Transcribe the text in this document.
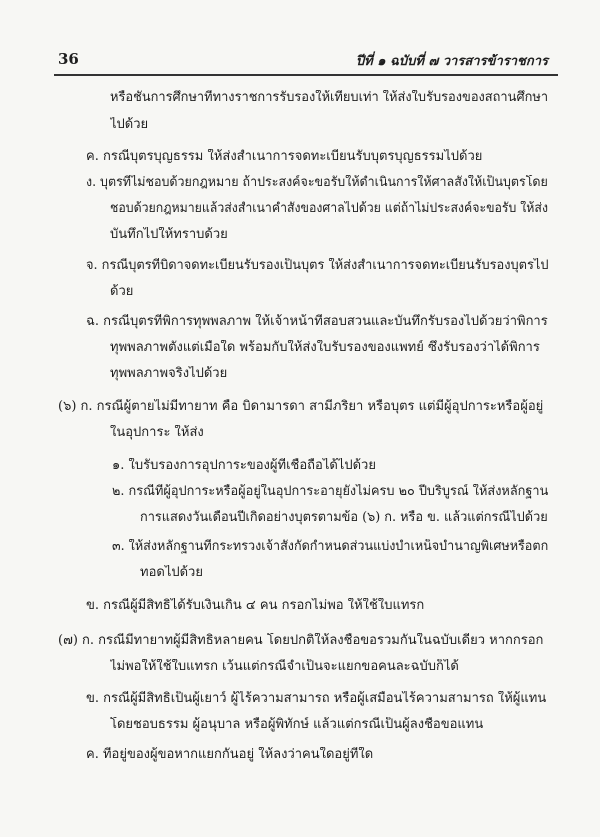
36	ปีที่ ๑ ฉบับที่ ๗ วารสารข้าราชการ
หรือชั้นการศึกษาที่ทางราชการรับรองให้เทียบเท่า ให้ส่งใบรับรองของสถานศึกษา
ไปด้วย
ค. กรณีบุตรบุญธรรม ให้ส่งสำเนาการจดทะเบียนรับบุตรบุญธรรมไปด้วย
ง. บุตรที่ไม่ชอบด้วยกฎหมาย ถ้าประสงค์จะขอรับให้ดำเนินการให้ศาลสั่งให้เป็นบุตรโดย
ชอบด้วยกฎหมายแล้วส่งสำเนาคำสั่งของศาลไปด้วย แต่ถ้าไม่ประสงค์จะขอรับ ให้ส่ง
บันทึกไปให้ทราบด้วย
จ. กรณีบุตรที่บิดาจดทะเบียนรับรองเป็นบุตร ให้ส่งสำเนาการจดทะเบียนรับรองบุตรไป
ด้วย
ฉ. กรณีบุตรที่พิการทุพพลภาพ ให้เจ้าหน้าที่สอบสวนและบันทึกรับรองไปด้วยว่าพิการ
ทุพพลภาพตั้งแต่เมื่อใด พร้อมกับให้ส่งใบรับรองของแพทย์ ซึ่งรับรองว่าได้พิการ
ทุพพลภาพจริงไปด้วย
(๖) ก. กรณีผู้ตายไม่มีทายาท คือ บิดามารดา สามีภริยา หรือบุตร แต่มีผู้อุปการะหรือผู้อยู่
ในอุปการะ ให้ส่ง
๑. ใบรับรองการอุปการะของผู้ที่เชื่อถือได้ไปด้วย
๒. กรณีที่ผู้อุปการะหรือผู้อยู่ในอุปการะอายุยังไม่ครบ ๒๐ ปีบริบูรณ์ ให้ส่งหลักฐาน
การแสดงวันเดือนปีเกิดอย่างบุตรตามข้อ (๖) ก. หรือ ข. แล้วแต่กรณีไปด้วย
๓. ให้ส่งหลักฐานที่กระทรวงเจ้าสังกัดกำหนดส่วนแบ่งบำเหน็จบำนาญพิเศษหรือตก
ทอดไปด้วย
ข. กรณีผู้มีสิทธิได้รับเงินเกิน ๔ คน กรอกไม่พอ ให้ใช้ใบแทรก
(๗) ก. กรณีมีทายาทผู้มีสิทธิหลายคน โดยปกติให้ลงชื่อขอรวมกันในฉบับเดียว หากกรอก
ไม่พอให้ใช้ใบแทรก เว้นแต่กรณีจำเป็นจะแยกขอคนละฉบับก็ได้
ข. กรณีผู้มีสิทธิเป็นผู้เยาว์ ผู้ไร้ความสามารถ หรือผู้เสมือนไร้ความสามารถ ให้ผู้แทน
โดยชอบธรรม ผู้อนุบาล หรือผู้พิทักษ์ แล้วแต่กรณีเป็นผู้ลงชื่อขอแทน
ค. ที่อยู่ของผู้ขอหากแยกกันอยู่ ให้ลงว่าคนใดอยู่ที่ใด
